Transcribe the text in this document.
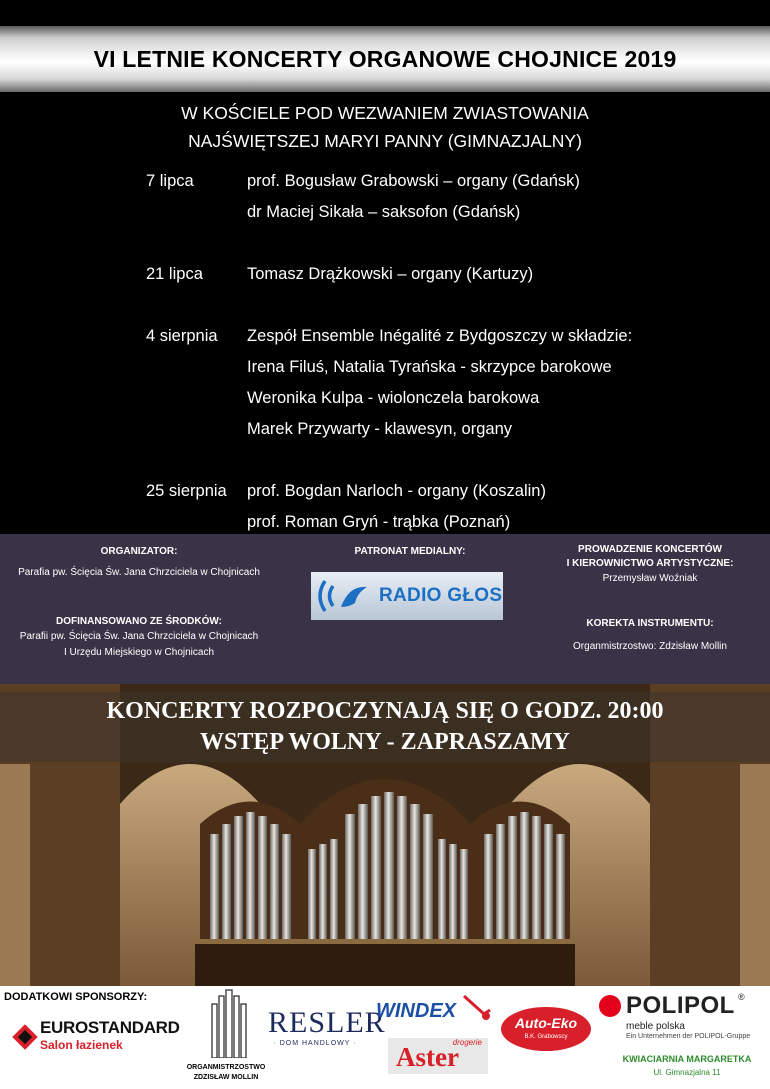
VI LETNIE KONCERTY ORGANOWE CHOJNICE 2019
W KOŚCIELE POD WEZWANIEM ZWIASTOWANIA
NAJŚWIĘTSZEJ MARYI PANNY (GIMNAZJALNY)
7 lipca	prof. Bogusław Grabowski – organy (Gdańsk)
dr Maciej Sikała – saksofon (Gdańsk)
21 lipca	Tomasz Drążkowski – organy (Kartuzy)
4 sierpnia	Zespół Ensemble Inégalité z Bydgoszczy w składzie:
Irena Filuś, Natalia Tyrańska - skrzypce barokowe
Weronika Kulpa - wiolonczela barokowa
Marek Przywarty - klawesyn, organy
25 sierpnia	prof. Bogdan Narloch - organy (Koszalin)
prof. Roman Gryń - trąbka (Poznań)
ORGANIZATOR:
Parafia pw. Ścięcia Św. Jana Chrzciciela w Chojnicach
DOFINANSOWANO ZE ŚRODKÓW:
Parafii pw. Ścięcia Św. Jana Chrzciciela w Chojnicach
I Urzędu Miejskiego w Chojnicach
PATRONAT MEDIALNY:	PROWADZENIE KONCERTÓW
I KIEROWNICTWO ARTYSTYCZNE:
Przemysław Woźniak
KOREKTA INSTRUMENTU:
Organmistrzostwo: Zdzisław Mollin
RADIO GŁOS
KONCERTY ROZPOCZYNAJĄ SIĘ O GODZ. 20:00
WSTĘP WOLNY - ZAPRASZAMY
DODATKOWI SPONSORZY:
EUROSTANDARD
Salon łazienek
ORGANMISTRZOSTWO
ZDZISŁAW MOLLIN
RESLER
· DOM HANDLOWY ·
WINDEX
drogerie
Aster
Auto-Eko
B.K. Grabowscy
POLIPOL ®
meble polska
Ein Unternehmen der POLIPOL-Gruppe
KWIACIARNIA MARGARETKA
Ul. Gimnazjalna 11
